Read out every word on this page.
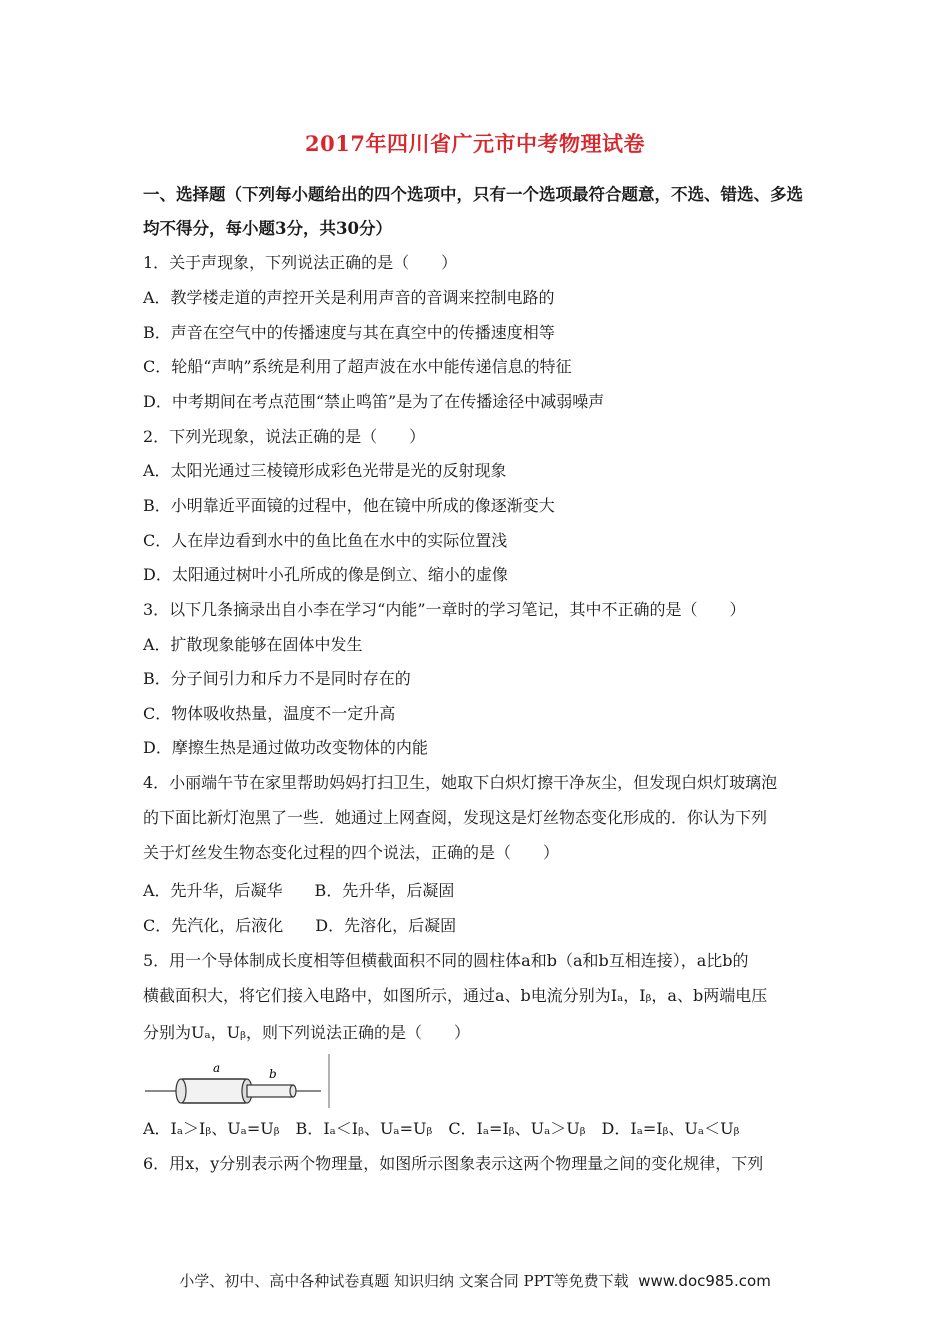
2017年四川省广元市中考物理试卷

一、选择题（下列每小题给出的四个选项中，只有一个选项最符合题意，不选、错选、多选均不得分，每小题3分，共30分）

1．关于声现象，下列说法正确的是（　　）

A．教学楼走道的声控开关是利用声音的音调来控制电路的

B．声音在空气中的传播速度与其在真空中的传播速度相等

C．轮船“声呐”系统是利用了超声波在水中能传递信息的特征

D．中考期间在考点范围“禁止鸣笛”是为了在传播途径中减弱噪声

2．下列光现象，说法正确的是（　　）

A．太阳光通过三棱镜形成彩色光带是光的反射现象

B．小明靠近平面镜的过程中，他在镜中所成的像逐渐变大

C．人在岸边看到水中的鱼比鱼在水中的实际位置浅

D．太阳通过树叶小孔所成的像是倒立、缩小的虚像

3．以下几条摘录出自小李在学习“内能”一章时的学习笔记，其中不正确的是（　　）

A．扩散现象能够在固体中发生

B．分子间引力和斥力不是同时存在的

C．物体吸收热量，温度不一定升高

D．摩擦生热是通过做功改变物体的内能

4．小丽端午节在家里帮助妈妈打扫卫生，她取下白炽灯擦干净灰尘，但发现白炽灯玻璃泡

的下面比新灯泡黑了一些．她通过上网查阅，发现这是灯丝物态变化形成的．你认为下列

关于灯丝发生物态变化过程的四个说法，正确的是（　　）

A．先升华，后凝华　　B．先升华，后凝固

C．先汽化，后液化　　D．先溶化，后凝固

5．用一个导体制成长度相等但横截面积不同的圆柱体a和b（a和b互相连接），a比b的

横截面积大，将它们接入电路中，如图所示，通过a、b电流分别为Iₐ，Iᵦ，a、b两端电压

分别为Uₐ，Uᵦ，则下列说法正确的是（　　）

a	b

A．Iₐ＞Iᵦ、Uₐ=Uᵦ　B．Iₐ＜Iᵦ、Uₐ=Uᵦ　C．Iₐ=Iᵦ、Uₐ＞Uᵦ　D．Iₐ=Iᵦ、Uₐ＜Uᵦ

6．用x，y分别表示两个物理量，如图所示图象表示这两个物理量之间的变化规律，下列

小学、初中、高中各种试卷真题 知识归纳 文案合同 PPT等免费下载 www.doc985.com
